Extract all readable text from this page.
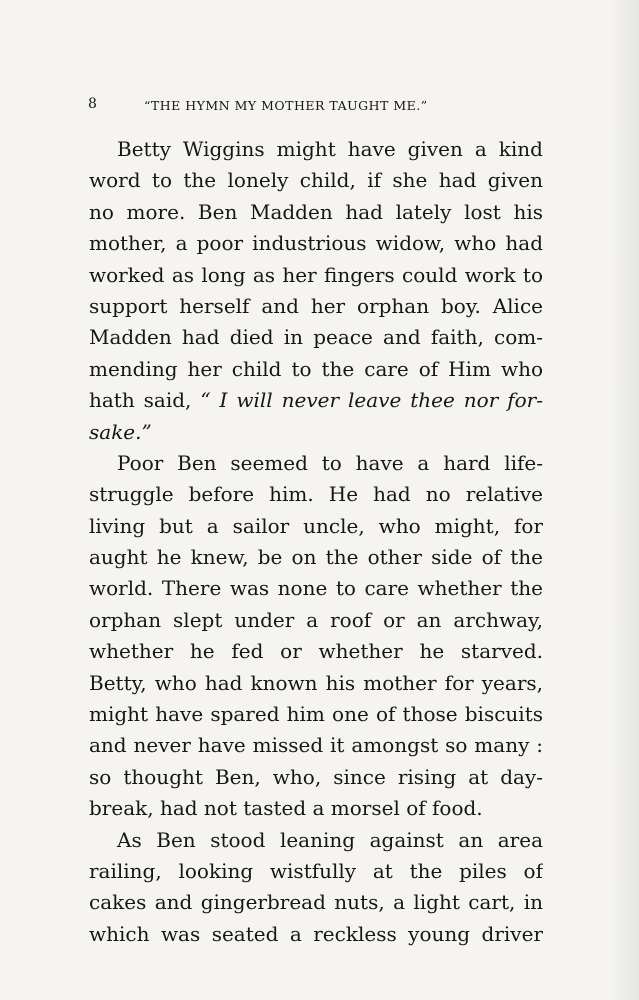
8	“THE HYMN MY MOTHER TAUGHT ME.”
Betty Wiggins might have given a kind
word to the lonely child, if she had given
no more. Ben Madden had lately lost his
mother, a poor industrious widow, who had
worked as long as her fingers could work to
support herself and her orphan boy. Alice
Madden had died in peace and faith, com-
mending her child to the care of Him who
hath said, “ I will never leave thee nor for-
sake.”
Poor Ben seemed to have a hard life-
struggle before him. He had no relative
living but a sailor uncle, who might, for
aught he knew, be on the other side of the
world. There was none to care whether the
orphan slept under a roof or an archway,
whether he fed or whether he starved.
Betty, who had known his mother for years,
might have spared him one of those biscuits
and never have missed it amongst so many :
so thought Ben, who, since rising at day-
break, had not tasted a morsel of food.
As Ben stood leaning against an area
railing, looking wistfully at the piles of
cakes and gingerbread nuts, a light cart, in
which was seated a reckless young driver
